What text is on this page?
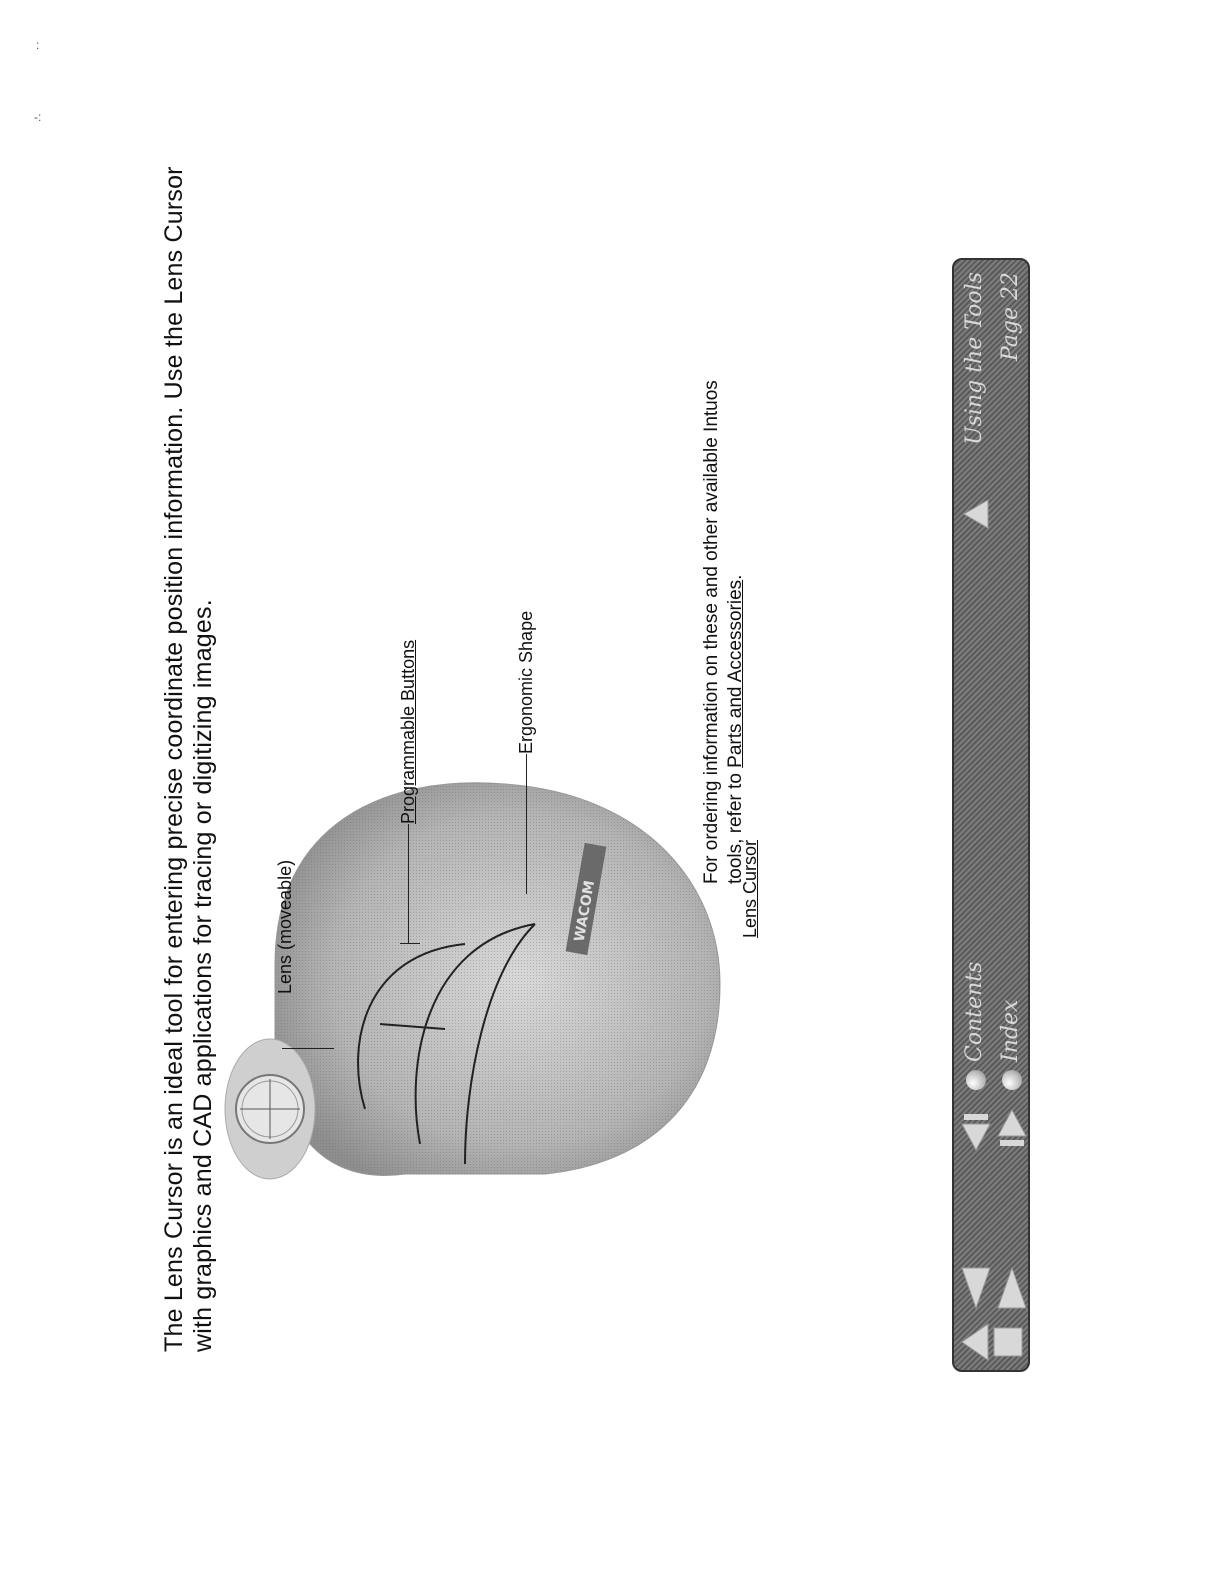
:
-:

The Lens Cursor is an ideal tool for entering precise coordinate position information. Use the Lens Cursor with graphics and CAD applications for tracing or digitizing images.	WACOM
Lens (moveable)
Programmable Buttons	Ergonomic Shape
Lens Cursor
For ordering information on these and other available Intuos tools, refer to Parts and Accessories.
Contents Index
Using the Tools Page 22
